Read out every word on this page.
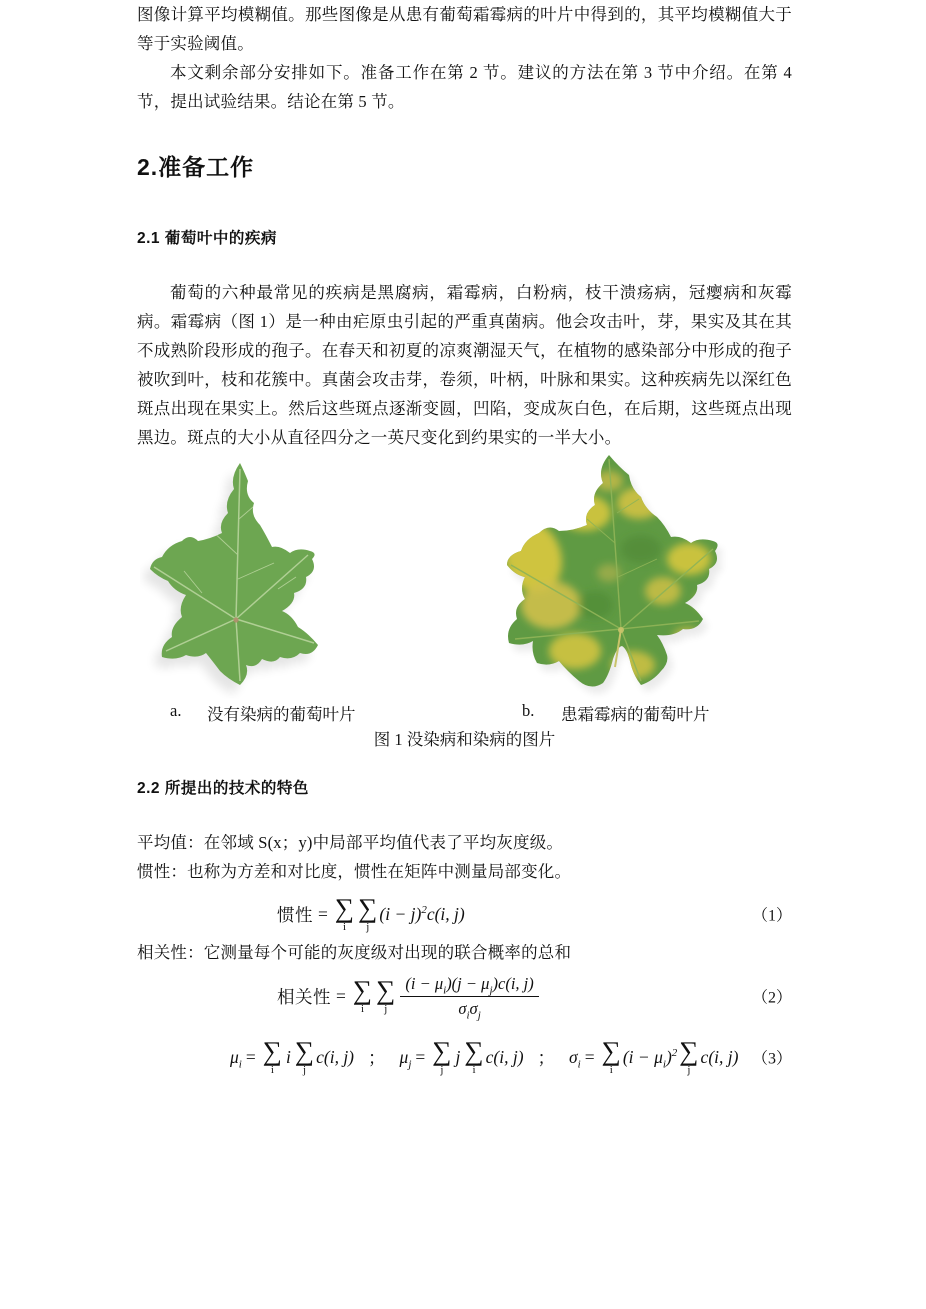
图像计算平均模糊值。那些图像是从患有葡萄霜霉病的叶片中得到的，其平均模糊值大于等于实验阈值。

本文剩余部分安排如下。准备工作在第 2 节。建议的方法在第 3 节中介绍。在第 4 节，提出试验结果。结论在第 5 节。

2.准备工作
2.1 葡萄叶中的疾病

葡萄的六种最常见的疾病是黑腐病，霜霉病，白粉病，枝干溃疡病，冠瘿病和灰霉病。霜霉病（图 1）是一种由疟原虫引起的严重真菌病。他会攻击叶，芽，果实及其在其不成熟阶段形成的孢子。在春天和初夏的凉爽潮湿天气，在植物的感染部分中形成的孢子被吹到叶，枝和花簇中。真菌会攻击芽，卷须，叶柄，叶脉和果实。这种疾病先以深红色斑点出现在果实上。然后这些斑点逐渐变圆，凹陷，变成灰白色，在后期，这些斑点出现黑边。斑点的大小从直径四分之一英尺变化到约果实的一半大小。

a. 没有染病的葡萄叶片	b. 患霜霉病的葡萄叶片

图 1 没染病和染病的图片

2.2 所提出的技术的特色

平均值：在邻域 S(x；y)中局部平均值代表了平均灰度级。

惯性：也称为方差和对比度，惯性在矩阵中测量局部变化。

惯性 = ∑
i
∑
j
$(i - j)^2$ c(i, j)	（1）

相关性：它测量每个可能的灰度级对出现的联合概率的总和

相关性 = ∑
i
∑
j $\frac{(i - \mu_i)(j - \mu_j)c(i, j)}{\sigma_i\sigma_j}$	（2）
$\mu_i$ = ∑
i
i ∑
j
c(i, j) ； $\mu_j$ = ∑
j
j ∑
i
c(i, j) ； $\sigma_i$ = ∑
i
$(i - \mu_i)^2$ ∑
j
c(i, j) （3）
